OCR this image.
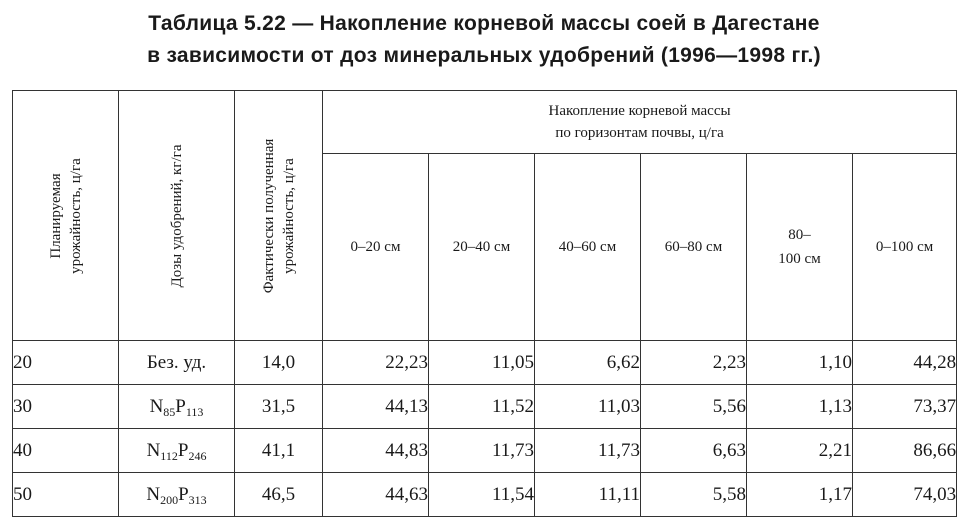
Таблица 5.22 — Накопление корневой массы соей в Дагестане
в зависимости от доз минеральных удобрений (1996—1998 гг.)
Планируемая урожайность, ц/га	Дозы удобрений, кг/га	Фактически полученная урожайность, ц/га	Накопление корневой массы
по горизонтам почвы, ц/га					

			0–20 см	20–40 см	40–60 см	60–80 см	80–
100 см	0–100 см

20	Без. уд.	14,0	22,23	11,05	6,62	2,23	1,10	44,28
30	$N_{85}P_{113}$	31,5	44,13	11,52	11,03	5,56	1,13	73,37
40	$N_{112}P_{246}$	41,1	44,83	11,73	11,73	6,63	2,21	86,66
50	$N_{200}P_{313}$	46,5	44,63	11,54	11,11	5,58	1,17	74,03
